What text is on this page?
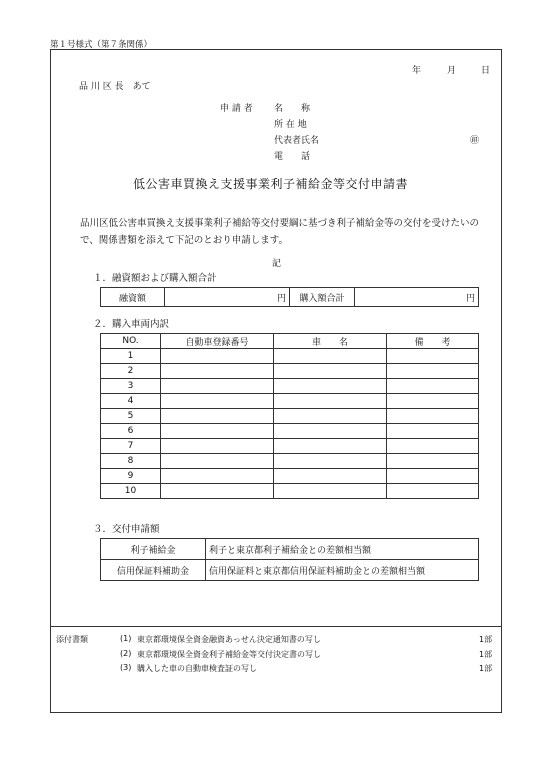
第１号様式（第７条関係）
年	月	日
品 川 区 長　あて
申 請 者 名　　称
所 在 地
代表者氏名
電　　話
㊞
低公害車買換え支援事業利子補給金等交付申請書
品川区低公害車買換え支援事業利子補給等交付要綱に基づき利子補給金等の交付を受けたいので、関係書類を添えて下記のとおり申請します。
記
１．融資額および購入額合計
融資額	円	購入額合計	円
２．購入車両内訳
NO.	自動車登録番号	車　　名	備　　考
1			
2			
3			
4			
5			
6			
7			
8			
9			
10			
３．交付申請額
利子補給金	利子と東京都利子補給金との差額相当額
信用保証料補助金	信用保証料と東京都信用保証料補助金との差額相当額
添付書類	(1) 東京都環境保全資金融資あっせん決定通知書の写し	1部
(2) 東京都環境保全資金利子補給金等交付決定書の写し	1部
(3) 購入した車の自動車検査証の写し	1部
